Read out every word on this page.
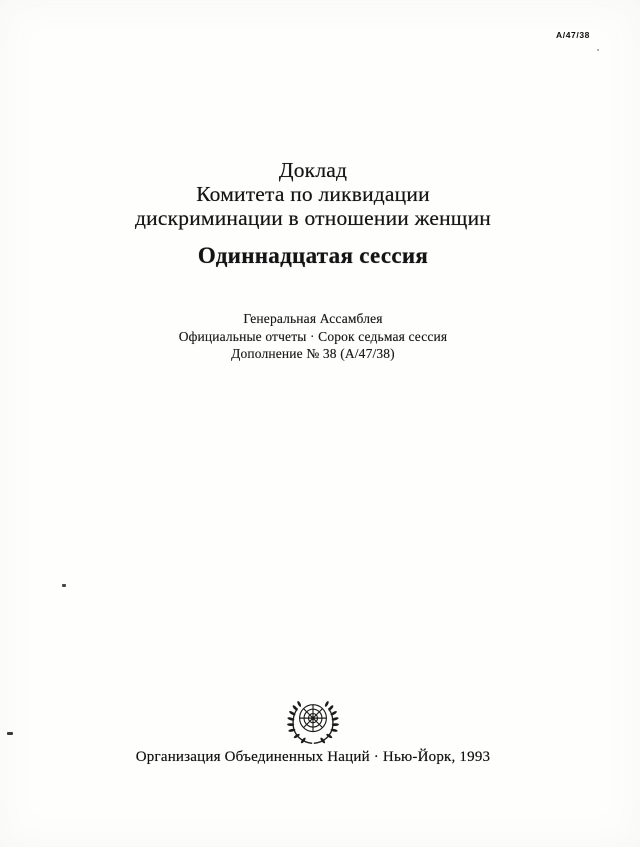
A/47/38
Доклад
Комитета по ликвидации
дискриминации в отношении женщин
Одиннадцатая сессия
Генеральная Ассамблея
Официальные отчеты · Сорок седьмая сессия
Дополнение № 38 (A/47/38)
Организация Объединенных Наций · Нью-Йорк, 1993
